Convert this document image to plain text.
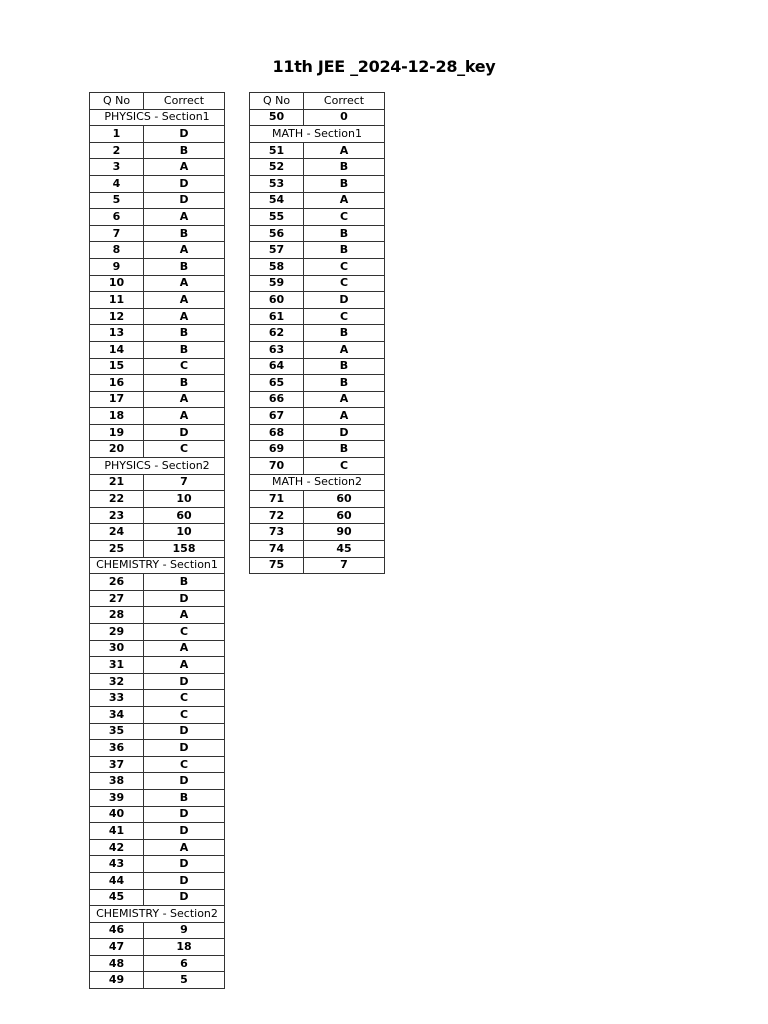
11th JEE _2024-12-28_key
Q No	Correct
PHYSICS - Section1	
1	D
2	B
3	A
4	D
5	D
6	A
7	B
8	A
9	B
10	A
11	A
12	A
13	B
14	B
15	C
16	B
17	A
18	A
19	D
20	C
PHYSICS - Section2	
21	7
22	10
23	60
24	10
25	158
CHEMISTRY - Section1	
26	B
27	D
28	A
29	C
30	A
31	A
32	D
33	C
34	C
35	D
36	D
37	C
38	D
39	B
40	D
41	D
42	A
43	D
44	D
45	D
CHEMISTRY - Section2	
46	9
47	18
48	6
49	5
Q No	Correct
50	0
MATH - Section1	
51	A
52	B
53	B
54	A
55	C
56	B
57	B
58	C
59	C
60	D
61	C
62	B
63	A
64	B
65	B
66	A
67	A
68	D
69	B
70	C
MATH - Section2	
71	60
72	60
73	90
74	45
75	7
